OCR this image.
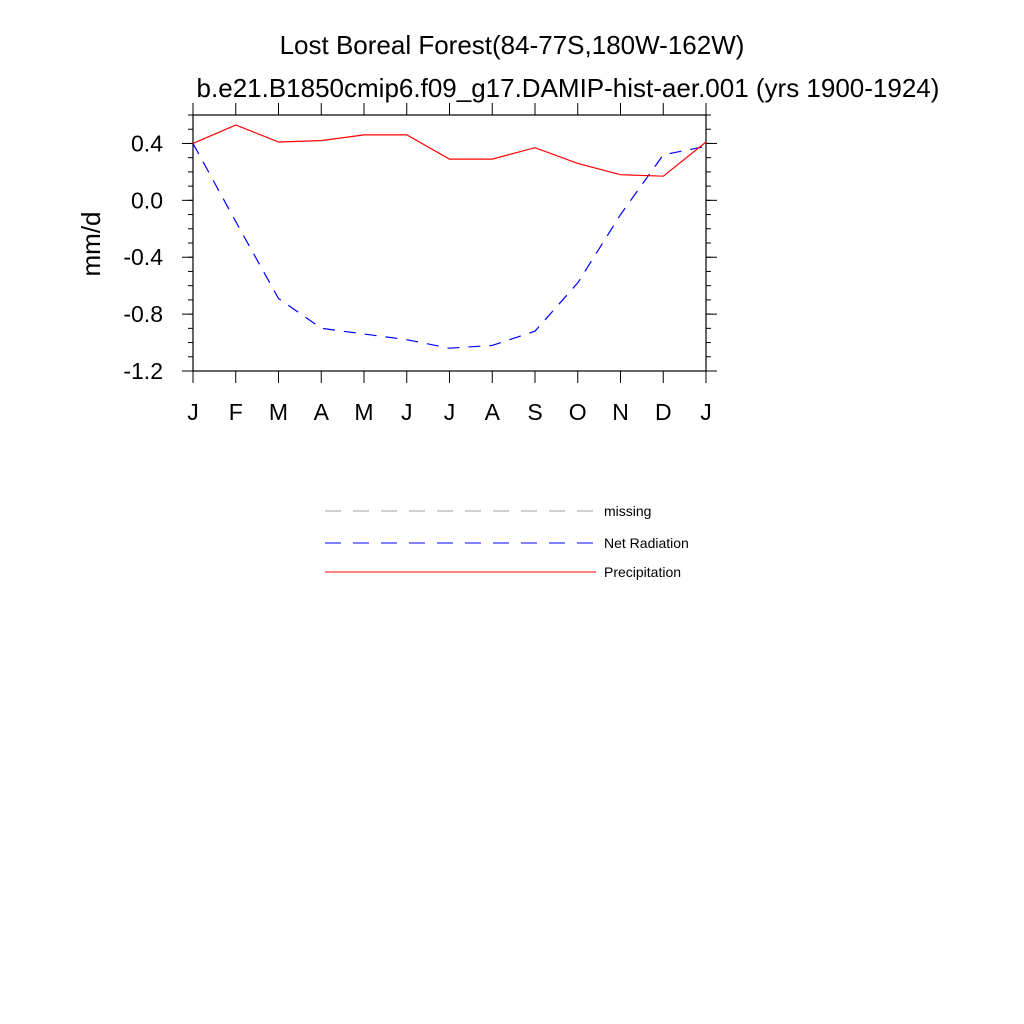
Lost Boreal Forest(84-77S,180W-162W)
b.e21.B1850cmip6.f09_g17.DAMIP-hist-aer.001 (yrs 1900-1924)
mm/d
J F M A M J J A S O N D J
-1.2
-0.8
-0.4
0.0
0.4
missing
Net Radiation
Precipitation
